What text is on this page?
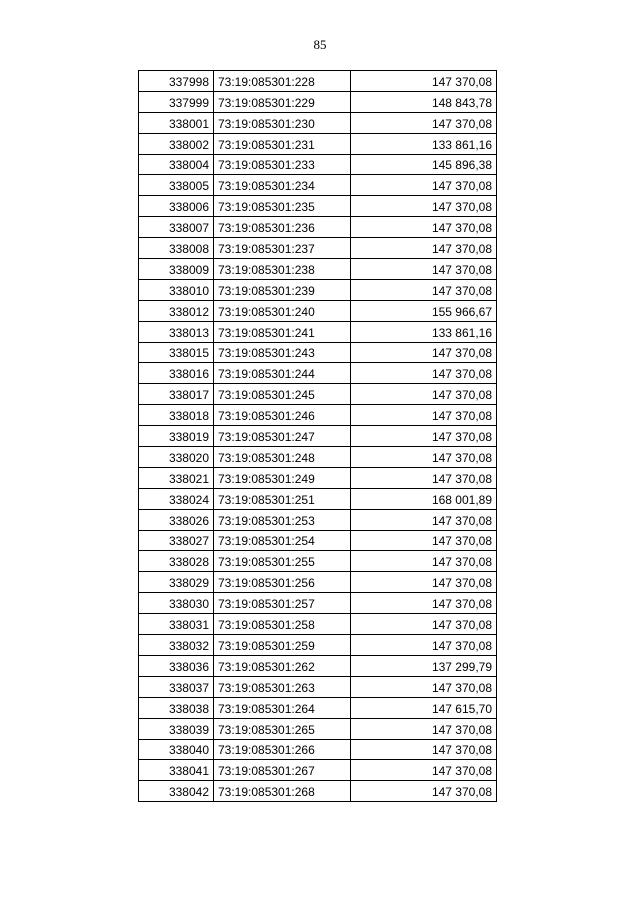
85
337998	73:19:085301:228	147 370,08
337999	73:19:085301:229	148 843,78
338001	73:19:085301:230	147 370,08
338002	73:19:085301:231	133 861,16
338004	73:19:085301:233	145 896,38
338005	73:19:085301:234	147 370,08
338006	73:19:085301:235	147 370,08
338007	73:19:085301:236	147 370,08
338008	73:19:085301:237	147 370,08
338009	73:19:085301:238	147 370,08
338010	73:19:085301:239	147 370,08
338012	73:19:085301:240	155 966,67
338013	73:19:085301:241	133 861,16
338015	73:19:085301:243	147 370,08
338016	73:19:085301:244	147 370,08
338017	73:19:085301:245	147 370,08
338018	73:19:085301:246	147 370,08
338019	73:19:085301:247	147 370,08
338020	73:19:085301:248	147 370,08
338021	73:19:085301:249	147 370,08
338024	73:19:085301:251	168 001,89
338026	73:19:085301:253	147 370,08
338027	73:19:085301:254	147 370,08
338028	73:19:085301:255	147 370,08
338029	73:19:085301:256	147 370,08
338030	73:19:085301:257	147 370,08
338031	73:19:085301:258	147 370,08
338032	73:19:085301:259	147 370,08
338036	73:19:085301:262	137 299,79
338037	73:19:085301:263	147 370,08
338038	73:19:085301:264	147 615,70
338039	73:19:085301:265	147 370,08
338040	73:19:085301:266	147 370,08
338041	73:19:085301:267	147 370,08
338042	73:19:085301:268	147 370,08
